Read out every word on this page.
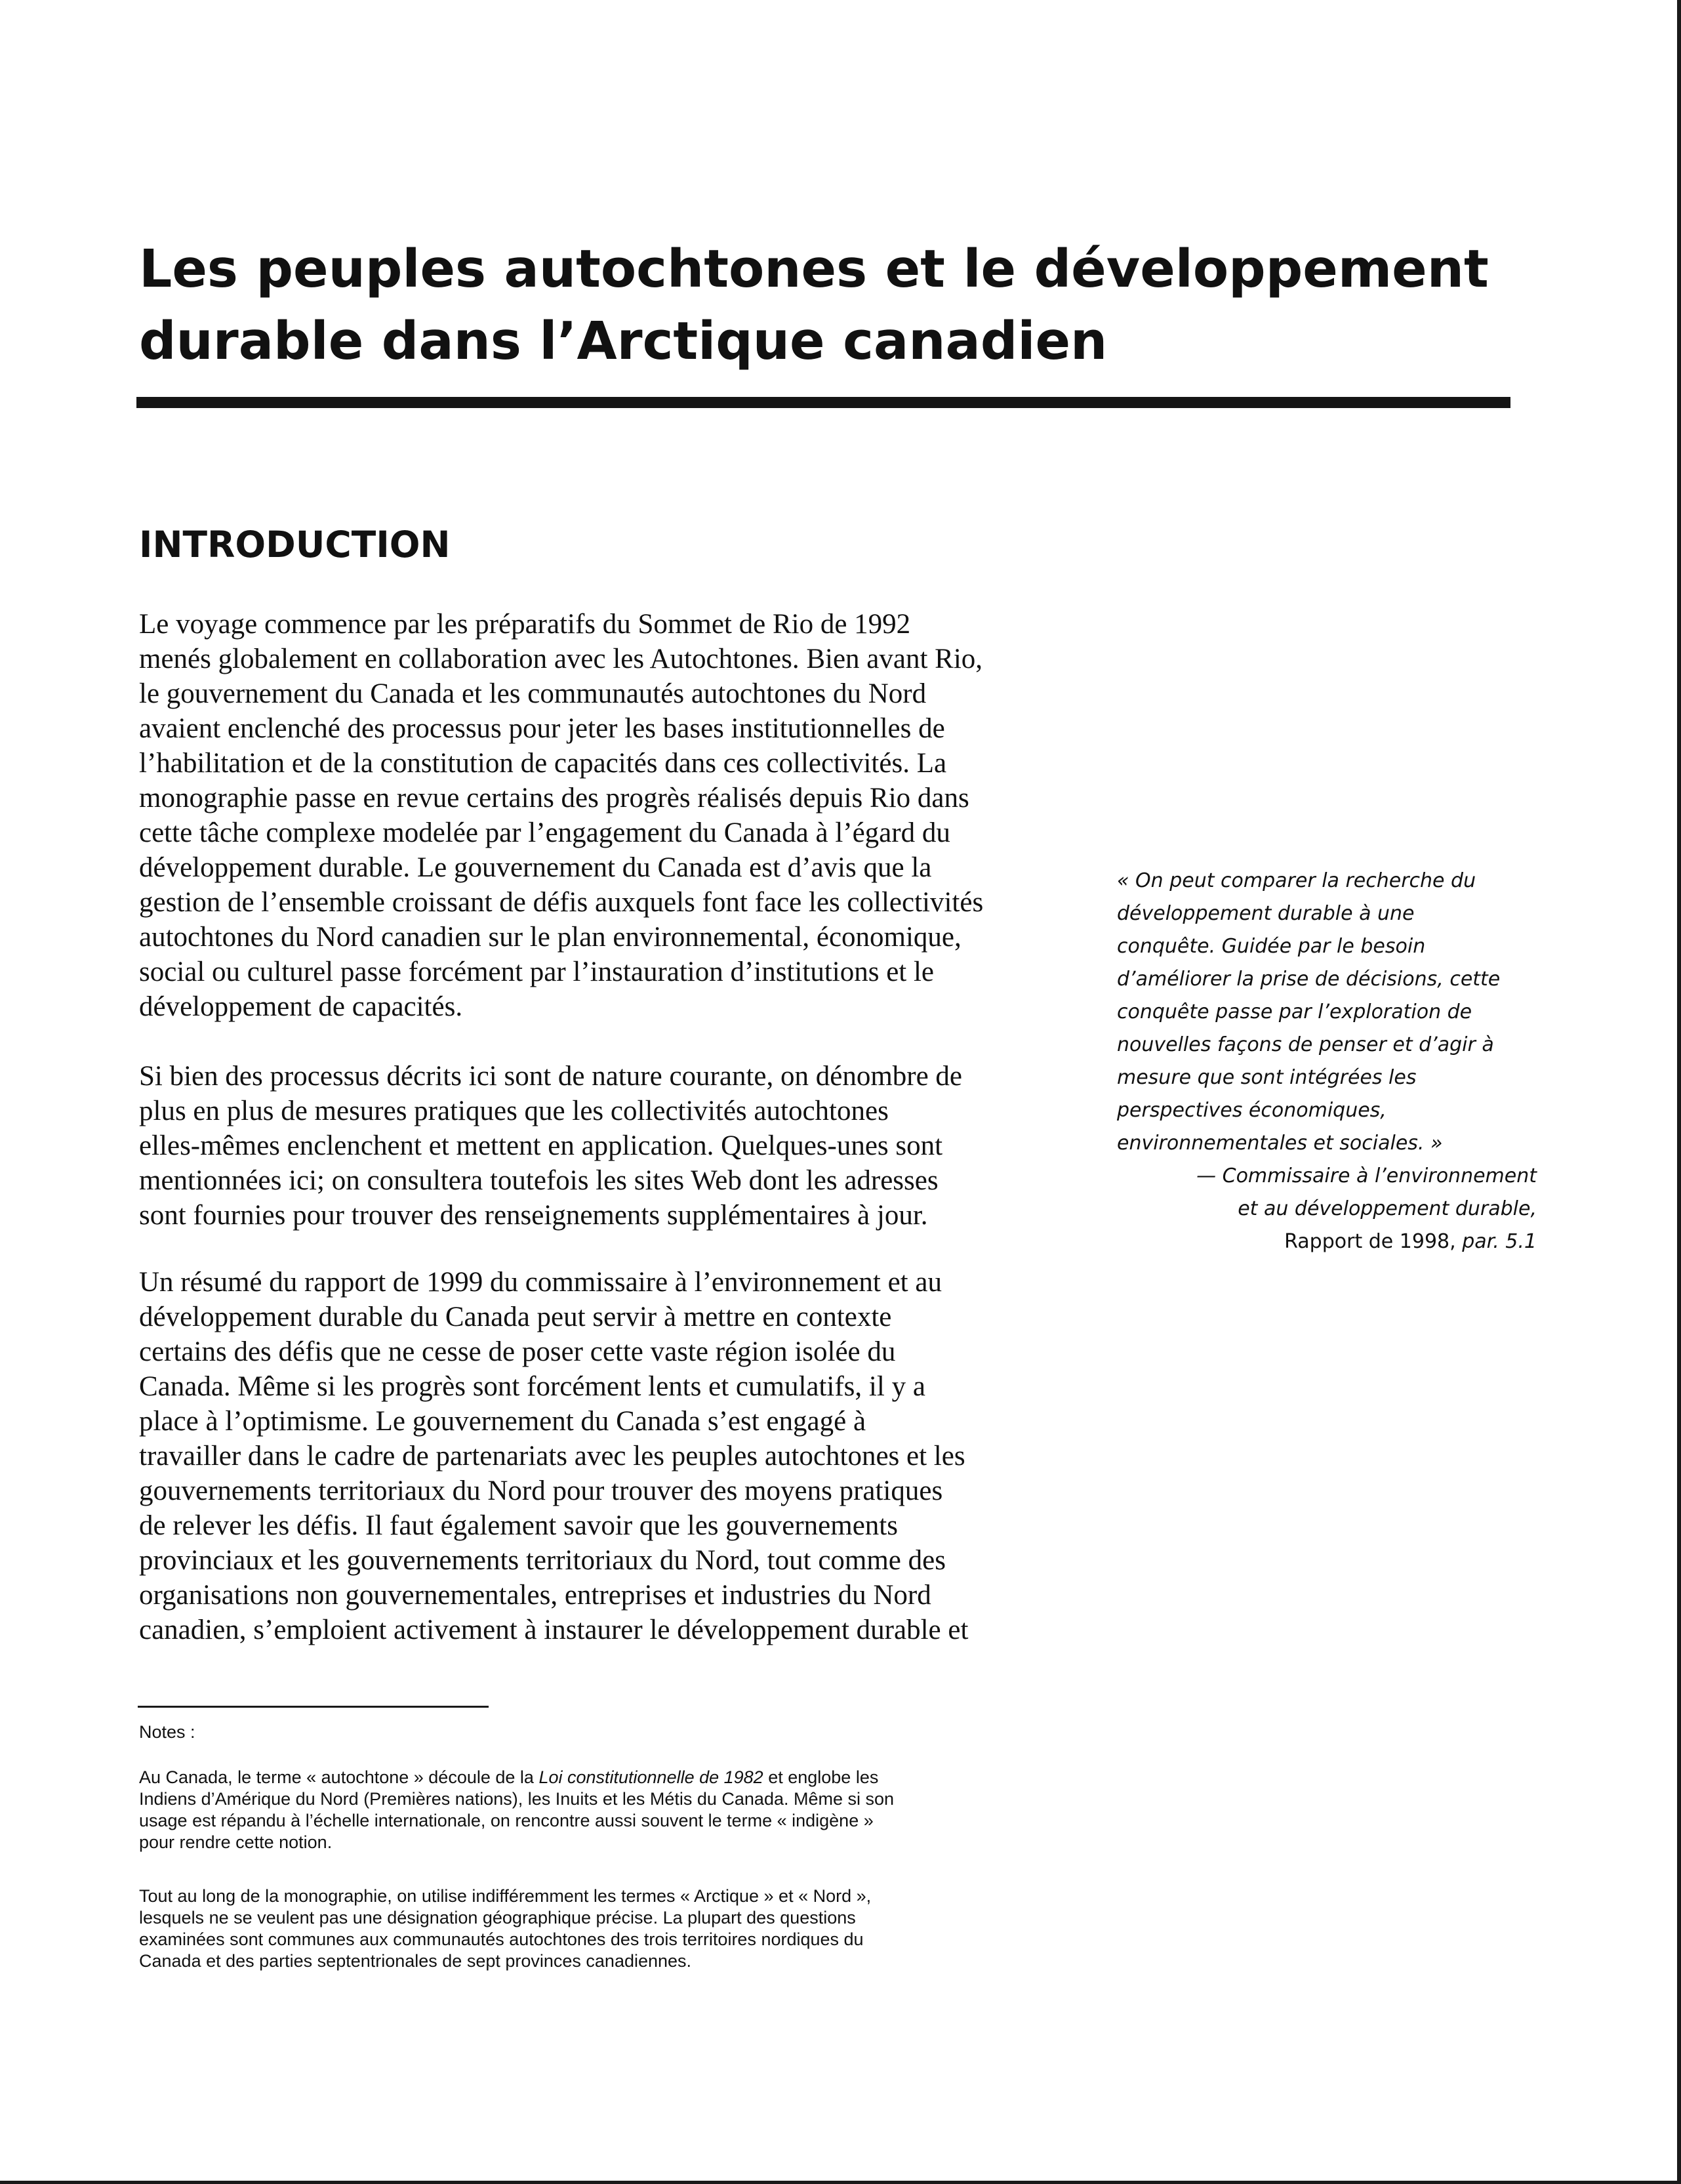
Les peuples autochtones et le développement
durable dans l’Arctique canadien
INTRODUCTION
Le voyage commence par les préparatifs du Sommet de Rio de 1992
menés globalement en collaboration avec les Autochtones. Bien avant Rio,
le gouvernement du Canada et les communautés autochtones du Nord
avaient enclenché des processus pour jeter les bases institutionnelles de
l’habilitation et de la constitution de capacités dans ces collectivités. La
monographie passe en revue certains des progrès réalisés depuis Rio dans
cette tâche complexe modelée par l’engagement du Canada à l’égard du
développement durable. Le gouvernement du Canada est d’avis que la
gestion de l’ensemble croissant de défis auxquels font face les collectivités
autochtones du Nord canadien sur le plan environnemental, économique,
social ou culturel passe forcément par l’instauration d’institutions et le
développement de capacités.
Si bien des processus décrits ici sont de nature courante, on dénombre de
plus en plus de mesures pratiques que les collectivités autochtones
elles-mêmes enclenchent et mettent en application. Quelques-unes sont
mentionnées ici; on consultera toutefois les sites Web dont les adresses
sont fournies pour trouver des renseignements supplémentaires à jour.
Un résumé du rapport de 1999 du commissaire à l’environnement et au
développement durable du Canada peut servir à mettre en contexte
certains des défis que ne cesse de poser cette vaste région isolée du
Canada. Même si les progrès sont forcément lents et cumulatifs, il y a
place à l’optimisme. Le gouvernement du Canada s’est engagé à
travailler dans le cadre de partenariats avec les peuples autochtones et les
gouvernements territoriaux du Nord pour trouver des moyens pratiques
de relever les défis. Il faut également savoir que les gouvernements
provinciaux et les gouvernements territoriaux du Nord, tout comme des
organisations non gouvernementales, entreprises et industries du Nord
canadien, s’emploient activement à instaurer le développement durable et
« On peut comparer la recherche du
développement durable à une
conquête. Guidée par le besoin
d’améliorer la prise de décisions, cette
conquête passe par l’exploration de
nouvelles façons de penser et d’agir à
mesure que sont intégrées les
perspectives économiques,
environnementales et sociales. »
— Commissaire à l’environnement
et au développement durable,
Rapport de 1998, par. 5.1
Notes :
Au Canada, le terme « autochtone » découle de la Loi constitutionnelle de 1982 et englobe les
Indiens d’Amérique du Nord (Premières nations), les Inuits et les Métis du Canada. Même si son
usage est répandu à l’échelle internationale, on rencontre aussi souvent le terme « indigène »
pour rendre cette notion.
Tout au long de la monographie, on utilise indifféremment les termes « Arctique » et « Nord »,
lesquels ne se veulent pas une désignation géographique précise. La plupart des questions
examinées sont communes aux communautés autochtones des trois territoires nordiques du
Canada et des parties septentrionales de sept provinces canadiennes.
